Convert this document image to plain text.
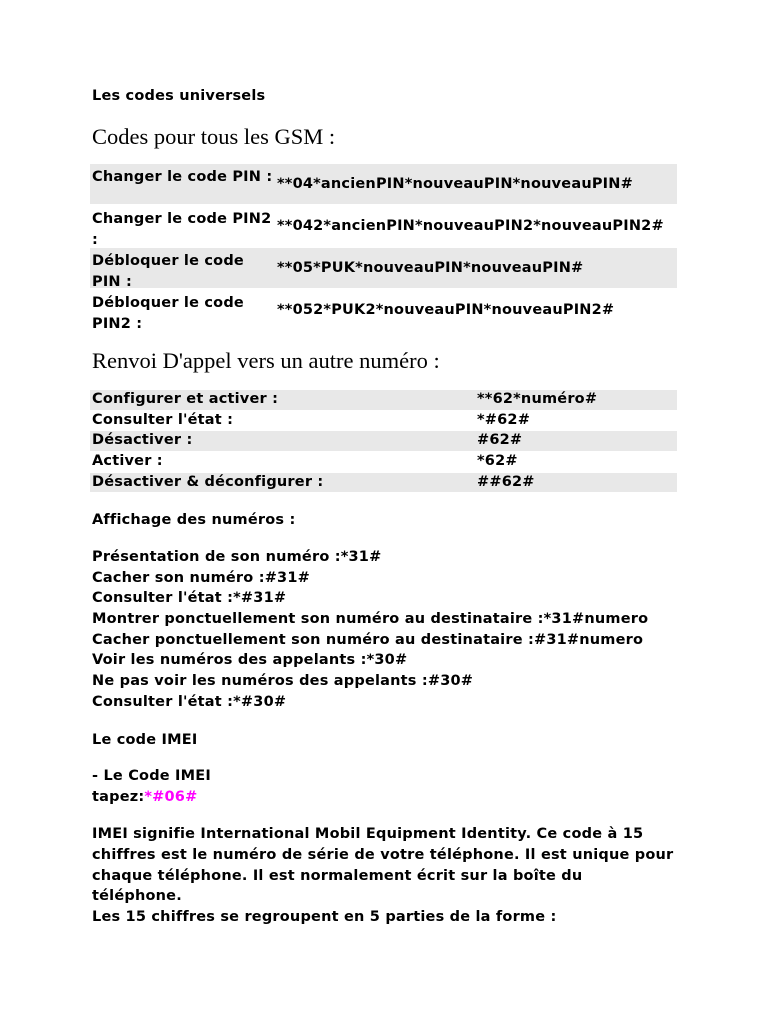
Les codes universels
Codes pour tous les GSM :
Changer le code PIN : **04*ancienPIN*nouveauPIN*nouveauPIN#
Changer le code PIN2 :
**042*ancienPIN*nouveauPIN2*nouveauPIN2#
Débloquer le code PIN :
**05*PUK*nouveauPIN*nouveauPIN#
Débloquer le code PIN2 :
**052*PUK2*nouveauPIN*nouveauPIN2#
Renvoi D'appel vers un autre numéro :
Configurer et activer :	**62*numéro#
Consulter l'état :	*#62#
Désactiver :	#62#
Activer :	*62#
Désactiver & déconfigurer :	##62#
Affichage des numéros :
Présentation de son numéro :*31#
Cacher son numéro :#31#
Consulter l'état :*#31#
Montrer ponctuellement son numéro au destinataire :*31#numero
Cacher ponctuellement son numéro au destinataire :#31#numero
Voir les numéros des appelants :*30#
Ne pas voir les numéros des appelants :#30#
Consulter l'état :*#30#
Le code IMEI
- Le Code IMEI
tapez:*#06#
IMEI signifie International Mobil Equipment Identity. Ce code à 15
chiffres est le numéro de série de votre téléphone. Il est unique pour
chaque téléphone. Il est normalement écrit sur la boîte du
téléphone.
Les 15 chiffres se regroupent en 5 parties de la forme :
